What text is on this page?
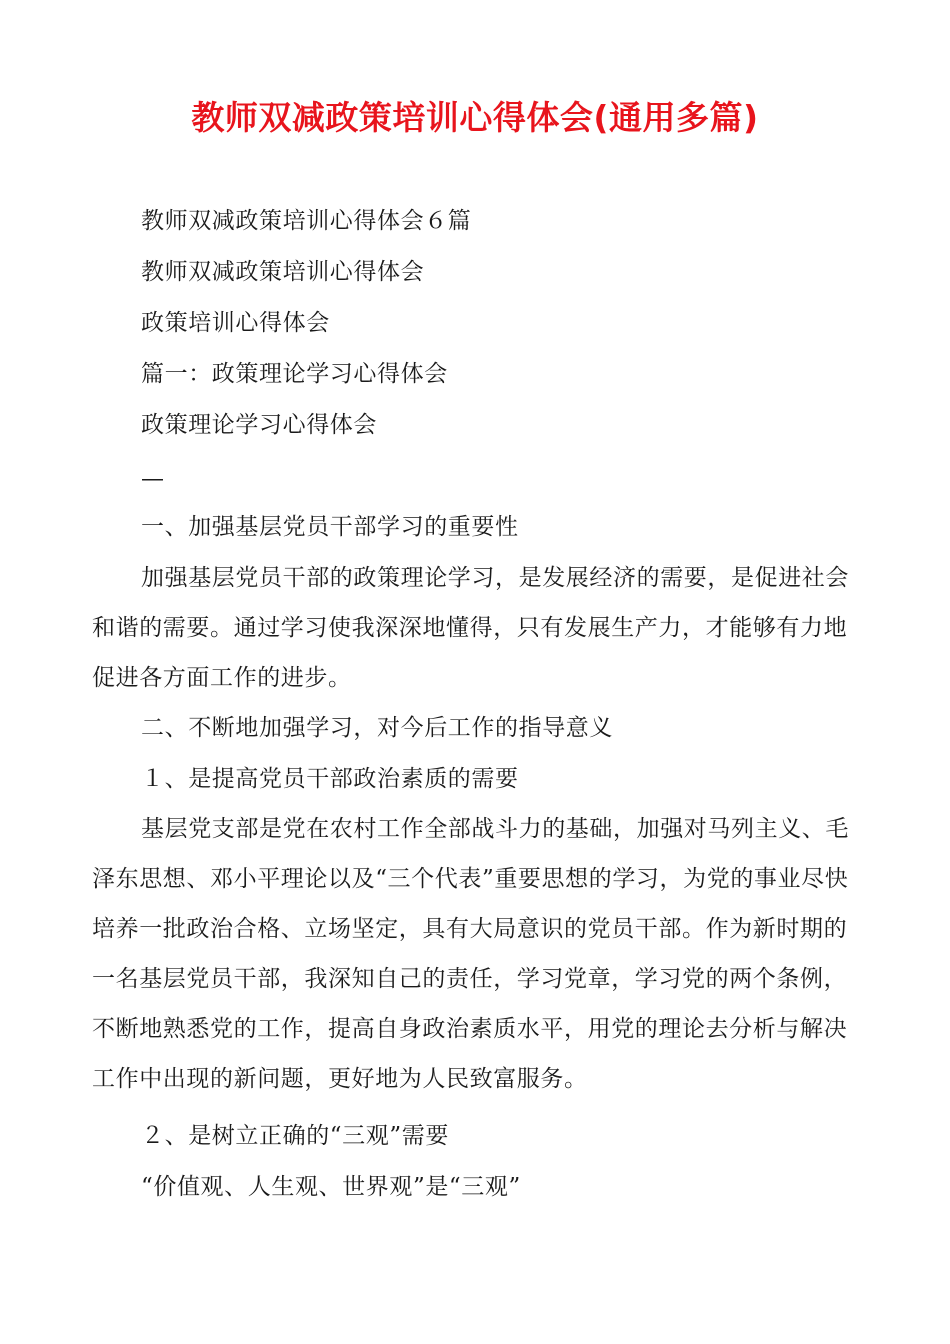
教师双减政策培训心得体会(通用多篇)
教师双减政策培训心得体会６篇
教师双减政策培训心得体会
政策培训心得体会
篇一：政策理论学习心得体会
政策理论学习心得体会
—
一、加强基层党员干部学习的重要性
加强基层党员干部的政策理论学习，是发展经济的需要，是促进社会和谐的需要。通过学习使我深深地懂得，只有发展生产力，才能够有力地促进各方面工作的进步。
二、不断地加强学习，对今后工作的指导意义
１、是提高党员干部政治素质的需要
基层党支部是党在农村工作全部战斗力的基础，加强对马列主义、毛泽东思想、邓小平理论以及“三个代表”重要思想的学习，为党的事业尽快培养一批政治合格、立场坚定，具有大局意识的党员干部。作为新时期的一名基层党员干部，我深知自己的责任，学习党章，学习党的两个条例，不断地熟悉党的工作，提高自身政治素质水平，用党的理论去分析与解决工作中出现的新问题，更好地为人民致富服务。
２、是树立正确的“三观”需要
“价值观、人生观、世界观”是“三观”
